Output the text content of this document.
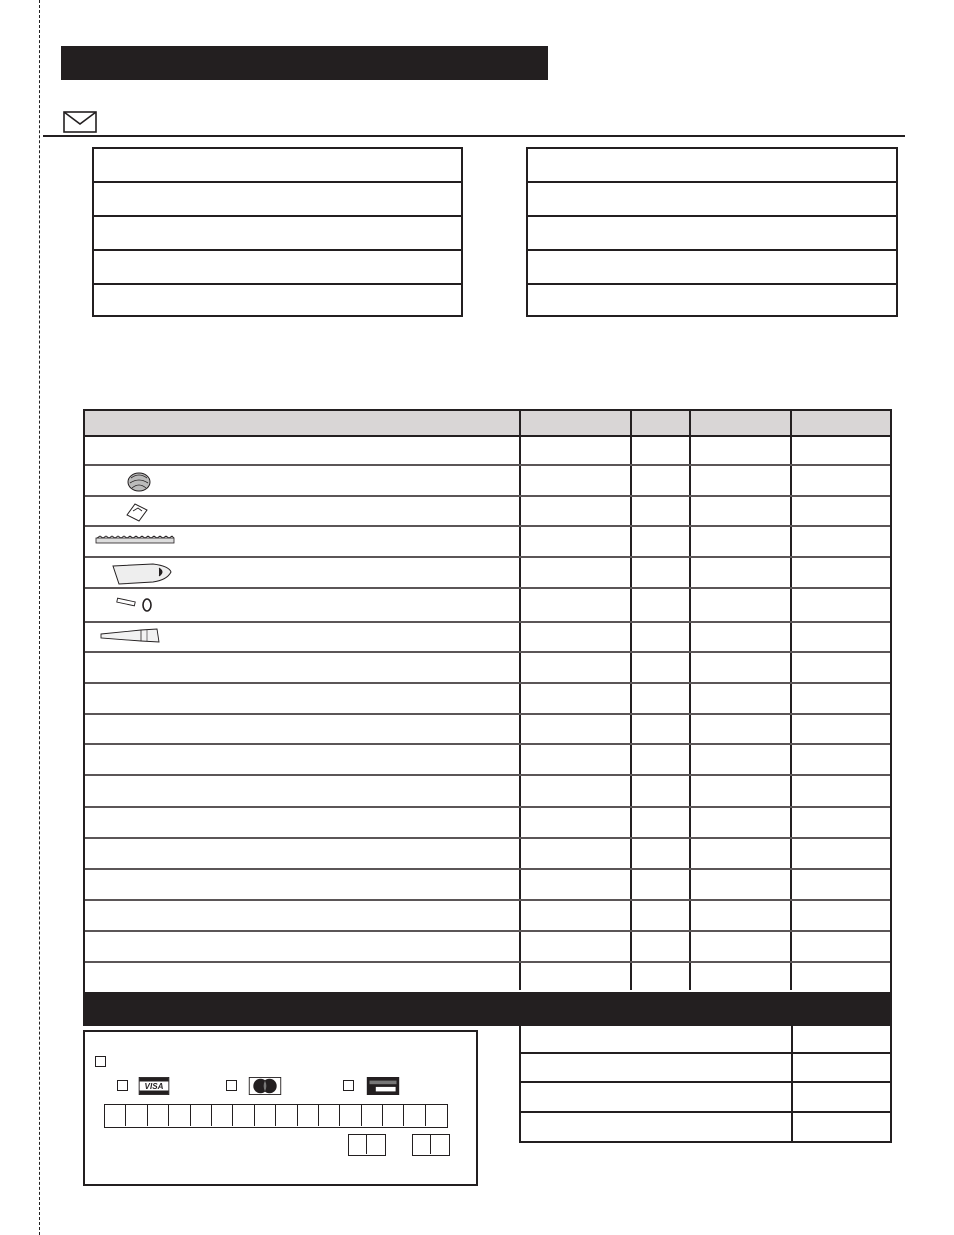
VISA
